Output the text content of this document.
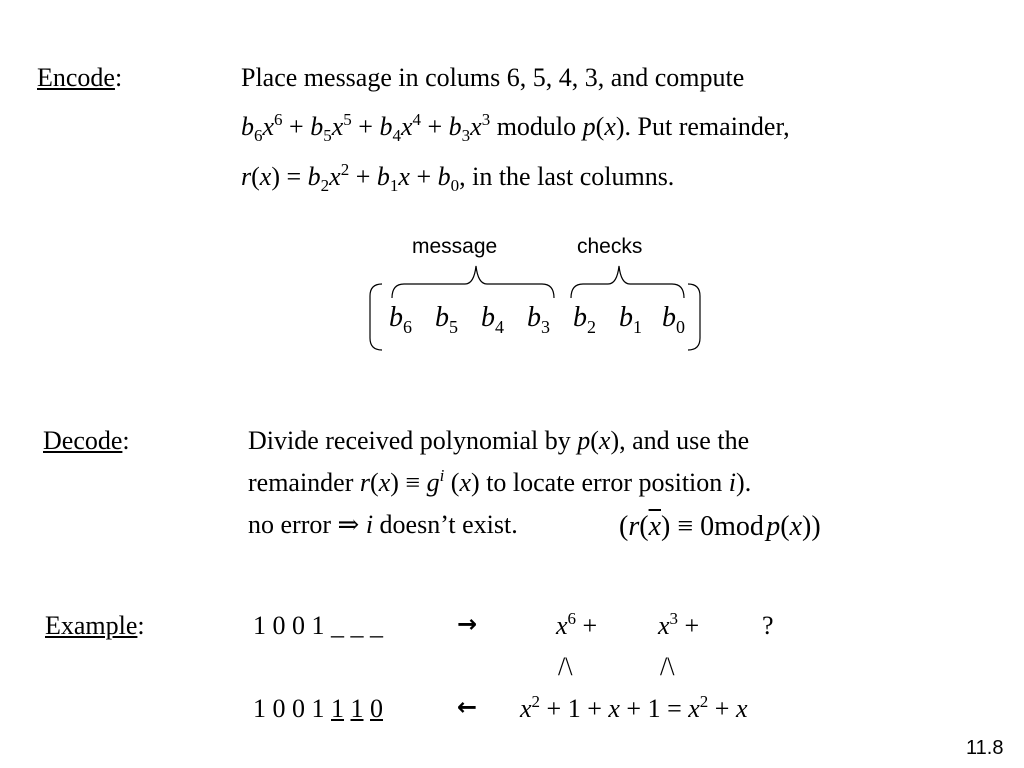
Encode:	Place message in colums 6, 5, 4, 3, and compute
$b_6x^6 + b_5x^5 + b_4x^4 + b_3x^3$ modulo p(x). Put remainder,
$r(x) = b_2x^2 + b_1x + b_0$, in the last columns.
message	checks
$b_6$ $b_5$ $b_4$ $b_3$ $b_2$ $b_1$ $b_0$
Decode:	Divide received polynomial by p(x), and use the
remainder $r(x) \equiv g^i$ (x) to locate error position i).
no error ⇒ i doesn’t exist.	($r(\overline{x}) \equiv 0mod$ p(x))
Example:	1 0 0 1 _ _ _	→	$x^6 + x^3$ + ?
/\	/\
1 0 0 1 1 1 0	← $x^2 + 1 + x + 1 = x^2 + x$
11.8
